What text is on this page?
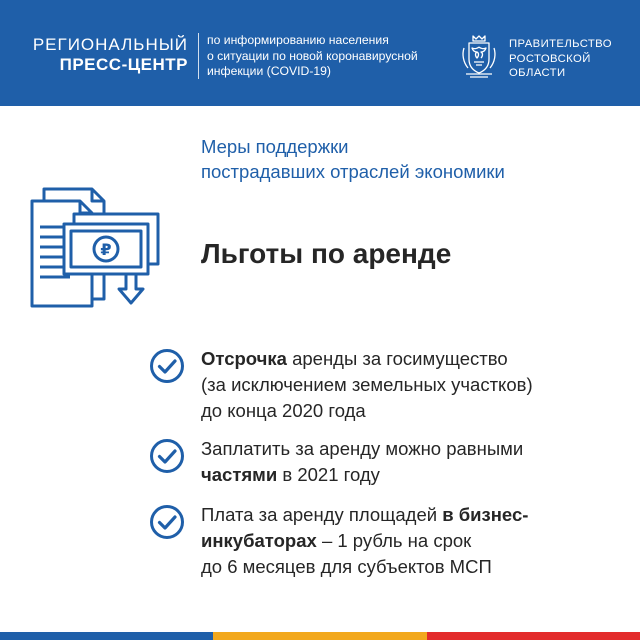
РЕГИОНАЛЬНЫЙ
ПРЕСС-ЦЕНТР
по информированию населения
о ситуации по новой коронавирусной
инфекции (COVID-19)
ПРАВИТЕЛЬСТВО
РОСТОВСКОЙ
ОБЛАСТИ
Меры поддержки
пострадавших отраслей экономики
₽	Льготы по аренде
Отсрочка аренды за госимущество
(за исключением земельных участков)
до конца 2020 года
Заплатить за аренду можно равными
частями в 2021 году
Плата за аренду площадей в бизнес-
инкубаторах – 1 рубль на срок
до 6 месяцев для субъектов МСП
